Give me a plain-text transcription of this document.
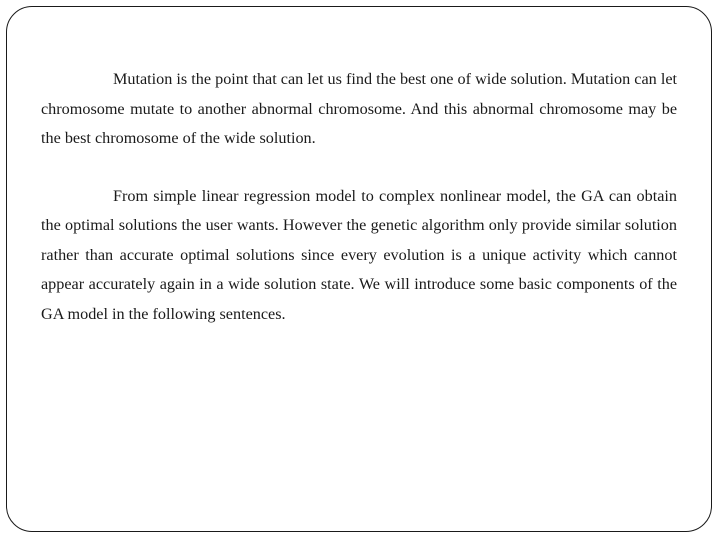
Mutation is the point that can let us find the best one of wide solution. Mutation can let chromosome mutate to another abnormal chromosome. And this abnormal chromosome may be the best chromosome of the wide solution.

From simple linear regression model to complex nonlinear model, the GA can obtain the optimal solutions the user wants. However the genetic algorithm only provide similar solution rather than accurate optimal solutions since every evolution is a unique activity which cannot appear accurately again in a wide solution state. We will introduce some basic components of the GA model in the following sentences.
